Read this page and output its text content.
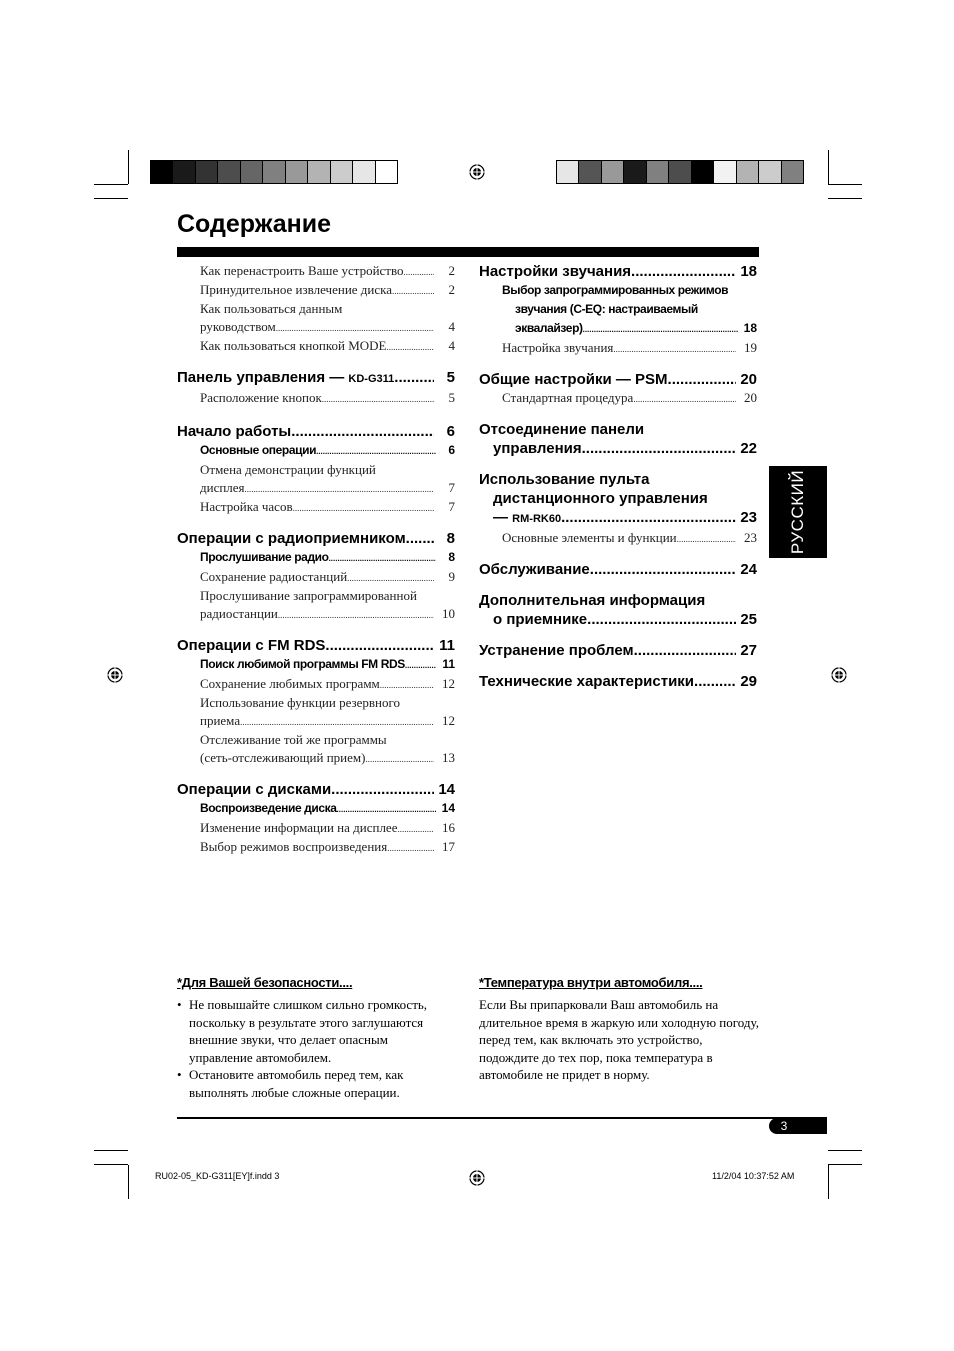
Содержание
Как перенастроить Ваше устройство .....	2
Принудительное извлечение диска .....	2
Как пользоваться данным
руководством .....	4
Как пользоваться кнопкой MODE .....	4
Панель управления — KD-G311 .....	5
Расположение кнопок .....	5
Начало работы .....	6
Основные операции .....	6
Отмена демонстрации функций
дисплея .....	7
Настройка часов .....	7
Операции с радиоприемником .....	8
Прослушивание радио .....	8
Сохранение радиостанций .....	9
Прослушивание запрограммированной
радиостанции .....	10
Операции с FM RDS .....	11
Поиск любимой программы FM RDS .....	11
Сохранение любимых программ .....	12
Использование функции резервного
приема .....	12
Отслеживание той же программы
(сеть-отслеживающий прием) .....	13
Операции с дисками .....	14
Воспроизведение диска .....	14
Изменение информации на дисплее .....	16
Выбор режимов воспроизведения .....	17
Настройки звучания .....	18
Выбор запрограммированных режимов
звучания (C-EQ: настраиваемый
эквалайзер) .....	18
Настройка звучания .....	19
Общие настройки — PSM .....	20
Стандартная процедура .....	20
Отсоединение панели
управления .....	22
Использование пульта
дистанционного управления
— RM-RK60 .....	23
Основные элементы и функции .....	23
Обслуживание .....	24
Дополнительная информация
о приемнике .....	25
Устранение проблем .....	27
Технические характеристики .....	29
РУССКИЙ
*Для Вашей безопасности....
• Не повышайте слишком сильно громкость, поскольку в результате этого заглушаются внешние звуки, что делает опасным управление автомобилем.
• Остановите автомобиль перед тем, как выполнять любые сложные операции.
*Температура внутри автомобиля....
Если Вы припарковали Ваш автомобиль на длительное время в жаркую или холодную погоду, перед тем, как включать это устройство, подождите до тех пор, пока температура в автомобиле не придет в норму.
3
RU02-05_KD-G311[EY]f.indd 3	11/2/04 10:37:52 AM
